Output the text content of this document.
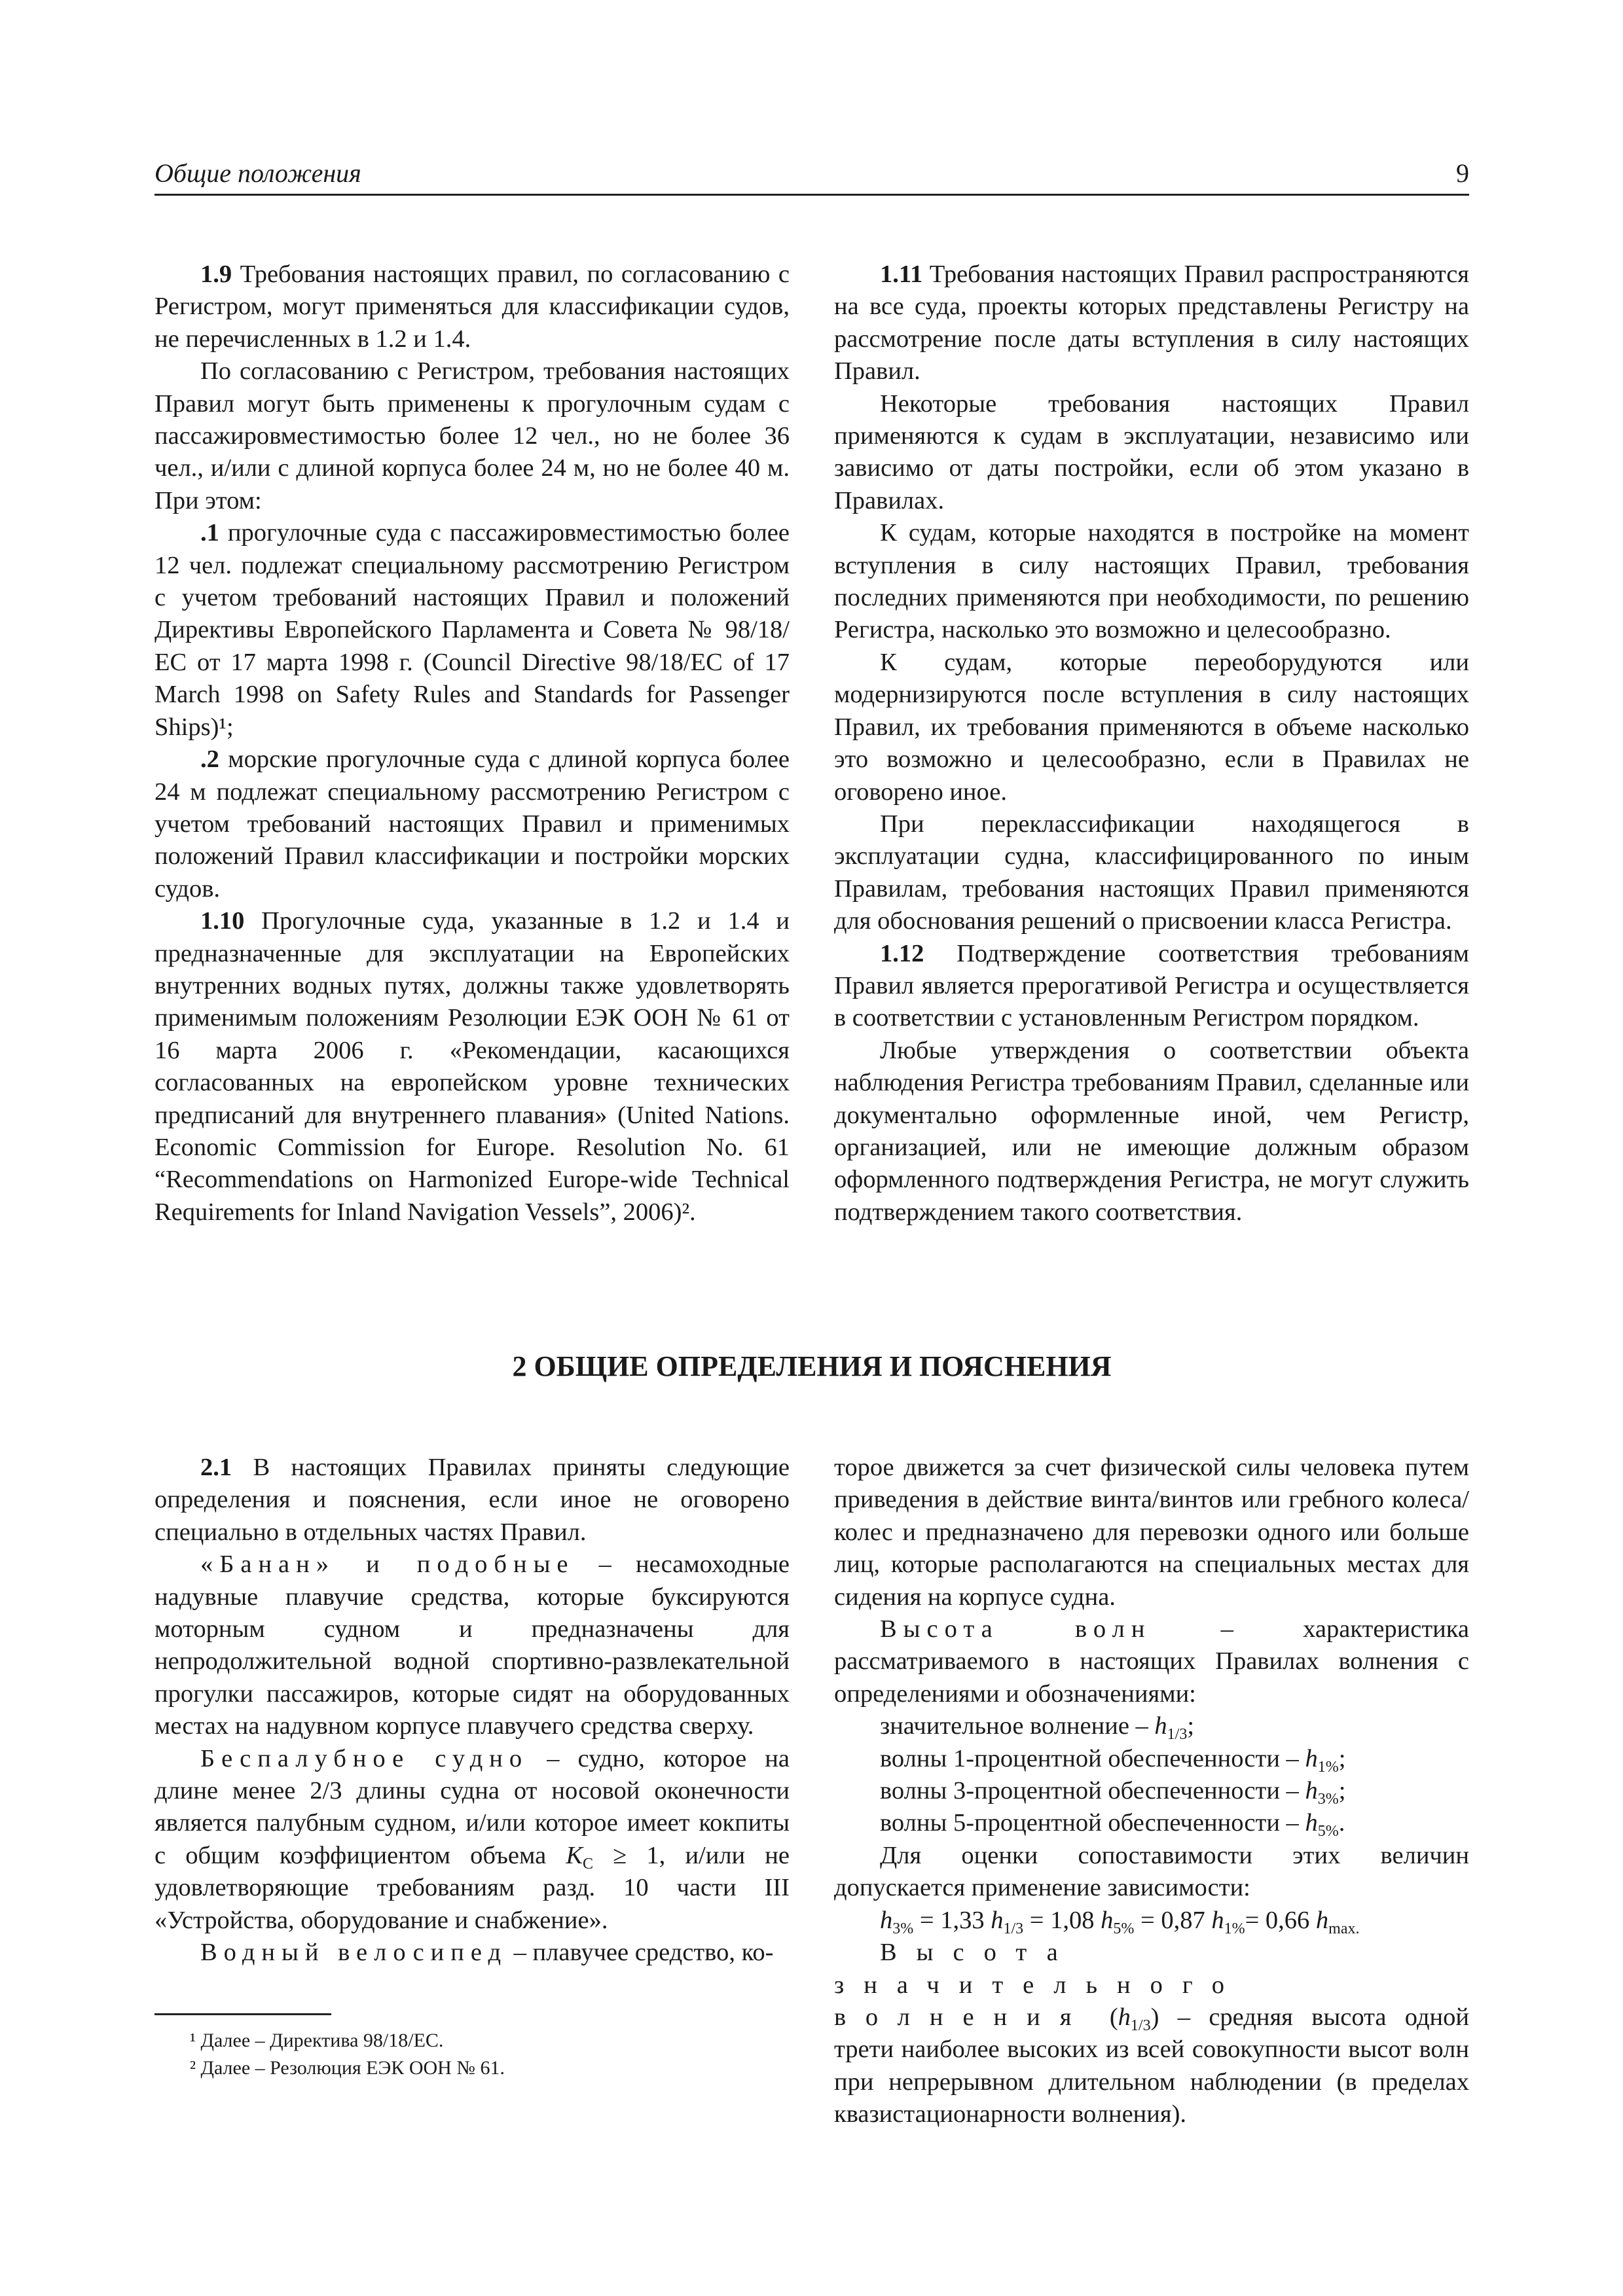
Общие положения	9

1.9 Требования настоящих правил, по согласованию с Регистром, могут применяться для классификации судов, не перечисленных в 1.2 и 1.4.

По согласованию с Регистром, требования настоящих Правил могут быть применены к прогулочным судам с пассажировместимостью более 12 чел., но не более 36 чел., и/или с длиной корпуса более 24 м, но не более 40 м. При этом:

.1 прогулочные суда с пассажировместимостью более 12 чел. подлежат специальному рассмотрению Регистром с учетом требований настоящих Правил и положений Директивы Европейского Парламента и Совета № 98/18/ЕС от 17 марта 1998 г. (Council Directive 98/18/EC of 17 March 1998 on Safety Rules and Standards for Passenger Ships)¹;

.2 морские прогулочные суда с длиной корпуса более 24 м подлежат специальному рассмотрению Регистром с учетом требований настоящих Правил и применимых положений Правил классификации и постройки морских судов.

1.10 Прогулочные суда, указанные в 1.2 и 1.4 и предназначенные для эксплуатации на Европейских внутренних водных путях, должны также удовлетворять применимым положениям Резолюции ЕЭК ООН № 61 от 16 марта 2006 г. «Рекомендации, касающихся согласованных на европейском уровне технических предписаний для внутреннего плавания» (United Nations. Economic Commission for Europe. Resolution No. 61 “Recommendations on Harmonized Europe-wide Technical Requirements for Inland Navigation Vessels”, 2006)².

1.11 Требования настоящих Правил распространяются на все суда, проекты которых представлены Регистру на рассмотрение после даты вступления в силу настоящих Правил.

Некоторые требования настоящих Правил применяются к судам в эксплуатации, независимо или зависимо от даты постройки, если об этом указано в Правилах.

К судам, которые находятся в постройке на момент вступления в силу настоящих Правил, требования последних применяются при необходимости, по решению Регистра, насколько это возможно и целесообразно.

К судам, которые переоборудуются или модернизируются после вступления в силу настоящих Правил, их требования применяются в объеме насколько это возможно и целесообразно, если в Правилах не оговорено иное.

При переклассификации находящегося в эксплуатации судна, классифицированного по иным Правилам, требования настоящих Правил применяются для обоснования решений о присвоении класса Регистра.

1.12 Подтверждение соответствия требованиям Правил является прерогативой Регистра и осуществляется в соответствии с установленным Регистром порядком.

Любые утверждения о соответствии объекта наблюдения Регистра требованиям Правил, сделанные или документально оформленные иной, чем Регистр, организацией, или не имеющие должным образом оформленного подтверждения Регистра, не могут служить подтверждением такого соответствия.

2 ОБЩИЕ ОПРЕДЕЛЕНИЯ И ПОЯСНЕНИЯ

2.1 В настоящих Правилах приняты следующие определения и пояснения, если иное не оговорено специально в отдельных частях Правил.

«Банан» и подобные – несамоходные надувные плавучие средства, которые буксируются моторным судном и предназначены для непродолжительной водной спортивно-развлекательной прогулки пассажиров, которые сидят на оборудованных местах на надувном корпусе плавучего средства сверху.

Беспалубное судно – судно, которое на длине менее 2/3 длины судна от носовой оконечности является палубным судном, и/или которое имеет кокпиты с общим коэффициентом объема $K_C \ge 1$, и/или не удовлетворяющие требованиям разд. 10 части III «Устройства, оборудование и снабжение».

Водный велосипед – плавучее средство, ко-

торое движется за счет физической силы человека путем приведения в действие винта/винтов или гребного колеса/колес и предназначено для перевозки одного или больше лиц, которые располагаются на специальных местах для сидения на корпусе судна.

Высота волн – характеристика рассматриваемого в настоящих Правилах волнения с определениями и обозначениями:

значительное волнение – $h_{1/3}$;

волны 1-процентной обеспеченности – $h_{1\%}$;

волны 3-процентной обеспеченности – $h_{3\%}$;

волны 5-процентной обеспеченности – $h_{5\%}$.

Для оценки сопоставимости этих величин допускается применение зависимости:

$h_{3\%} = 1,33$ $h_{1/3} = 1,08$ $h_{5\%} = 0,87$ $h_{1\%}= 0,66$ $h_{max.}$

Высота значительного волнения $(h_{1/3})$ – средняя высота одной трети наиболее высоких из всей совокупности высот волн при непрерывном длительном наблюдении (в пределах квазистационарности волнения).

¹ Далее – Директива 98/18/ЕС.
² Далее – Резолюция ЕЭК ООН № 61.
